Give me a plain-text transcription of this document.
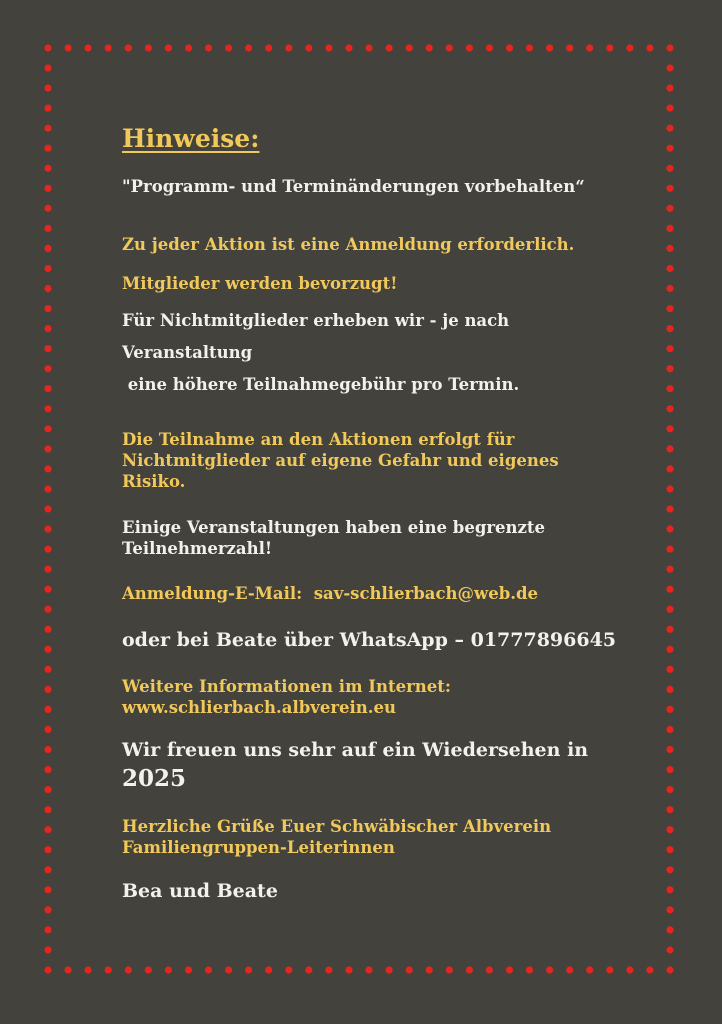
Hinweise:
"Programm- und Terminänderungen vorbehalten“
Zu jeder Aktion ist eine Anmeldung erforderlich.
Mitglieder werden bevorzugt!
Für Nichtmitglieder erheben wir - je nach
Veranstaltung
eine höhere Teilnahmegebühr pro Termin.
Die Teilnahme an den Aktionen erfolgt für Nichtmitglieder auf eigene Gefahr und eigenes Risiko.
Einige Veranstaltungen haben eine begrenzte Teilnehmerzahl!
Anmeldung-E-Mail: sav-schlierbach@web.de
oder bei Beate über WhatsApp – 01777896645
Weitere Informationen im Internet:
www.schlierbach.albverein.eu
Wir freuen uns sehr auf ein Wiedersehen in
2025
Herzliche Grüße Euer Schwäbischer Albverein Familiengruppen-Leiterinnen
Bea und Beate
